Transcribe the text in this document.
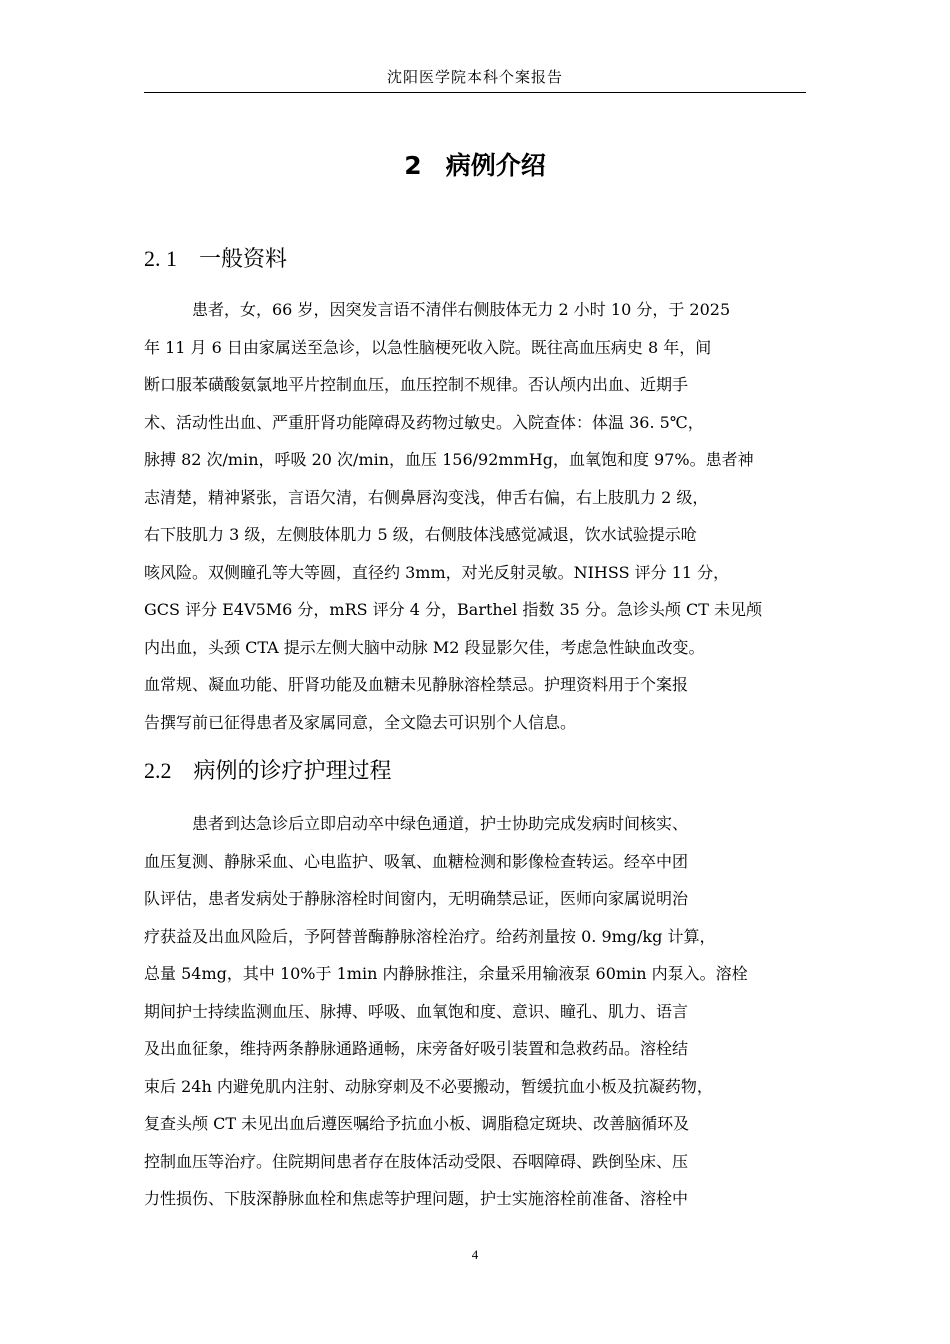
沈阳医学院本科个案报告
2 病例介绍
2. 1 一般资料
患者，女，66 岁，因突发言语不清伴右侧肢体无力 2 小时 10 分，于 2025
年 11 月 6 日由家属送至急诊，以急性脑梗死收入院。既往高血压病史 8 年，间
断口服苯磺酸氨氯地平片控制血压，血压控制不规律。否认颅内出血、近期手
术、活动性出血、严重肝肾功能障碍及药物过敏史。入院查体：体温 36. 5℃，
脉搏 82 次/min，呼吸 20 次/min，血压 156/92mmHg，血氧饱和度 97%。患者神
志清楚，精神紧张，言语欠清，右侧鼻唇沟变浅，伸舌右偏，右上肢肌力 2 级，
右下肢肌力 3 级，左侧肢体肌力 5 级，右侧肢体浅感觉减退，饮水试验提示呛
咳风险。双侧瞳孔等大等圆，直径约 3mm，对光反射灵敏。NIHSS 评分 11 分，
GCS 评分 E4V5M6 分，mRS 评分 4 分，Barthel 指数 35 分。急诊头颅 CT 未见颅
内出血，头颈 CTA 提示左侧大脑中动脉 M2 段显影欠佳，考虑急性缺血改变。
血常规、凝血功能、肝肾功能及血糖未见静脉溶栓禁忌。护理资料用于个案报
告撰写前已征得患者及家属同意，全文隐去可识别个人信息。
2.2 病例的诊疗护理过程
患者到达急诊后立即启动卒中绿色通道，护士协助完成发病时间核实、
血压复测、静脉采血、心电监护、吸氧、血糖检测和影像检查转运。经卒中团
队评估，患者发病处于静脉溶栓时间窗内，无明确禁忌证，医师向家属说明治
疗获益及出血风险后，予阿替普酶静脉溶栓治疗。给药剂量按 0. 9mg/kg 计算，
总量 54mg，其中 10%于 1min 内静脉推注，余量采用输液泵 60min 内泵入。溶栓
期间护士持续监测血压、脉搏、呼吸、血氧饱和度、意识、瞳孔、肌力、语言
及出血征象，维持两条静脉通路通畅，床旁备好吸引装置和急救药品。溶栓结
束后 24h 内避免肌内注射、动脉穿刺及不必要搬动，暂缓抗血小板及抗凝药物，
复查头颅 CT 未见出血后遵医嘱给予抗血小板、调脂稳定斑块、改善脑循环及
控制血压等治疗。住院期间患者存在肢体活动受限、吞咽障碍、跌倒坠床、压
力性损伤、下肢深静脉血栓和焦虑等护理问题，护士实施溶栓前准备、溶栓中
4
